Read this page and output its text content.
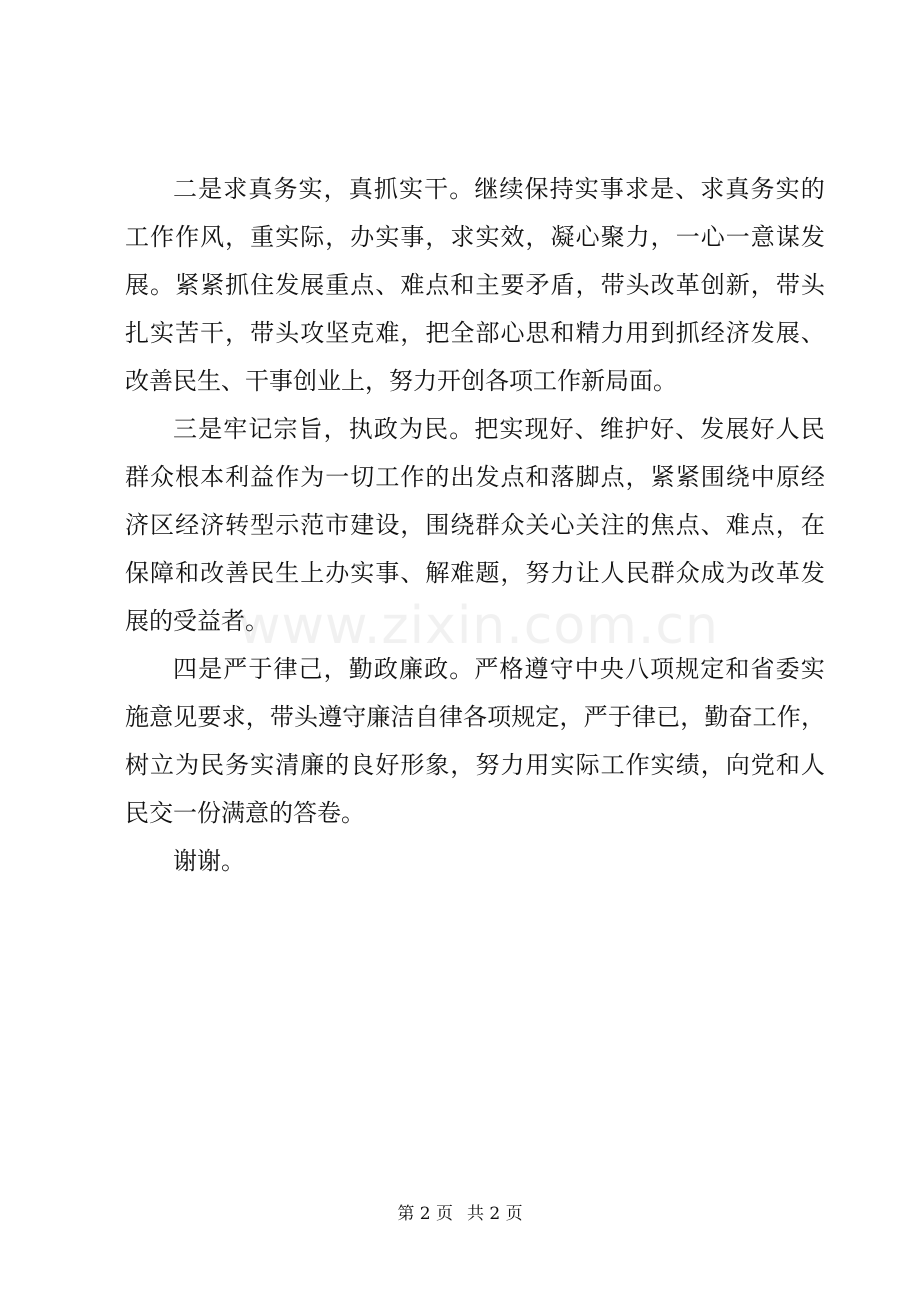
www.zixin.com.cn
二 是 求 真 务 实 ， 真 抓 实 干 。 继 续 保 持 实 事 求 是 、 求 真 务 实 的
工 作 作 风 ， 重 实 际 ， 办 实 事 ， 求 实 效 ， 凝 心 聚 力 ， 一 心 一 意 谋 发
展 。 紧 紧 抓 住 发 展 重 点 、 难 点 和 主 要 矛 盾 ， 带 头 改 革 创 新 ， 带 头
扎 实 苦 干 ， 带 头 攻 坚 克 难 ， 把 全 部 心 思 和 精 力 用 到 抓 经 济 发 展 、
改善民生、干事创业上，努力开创各项工作新局面。
三 是 牢 记 宗 旨 ， 执 政 为 民 。 把 实 现 好 、 维 护 好 、 发 展 好 人 民
群 众 根 本 利 益 作 为 一 切 工 作 的 出 发 点 和 落 脚 点 ， 紧 紧 围 绕 中 原 经
济 区 经 济 转 型 示 范 市 建 设 ， 围 绕 群 众 关 心 关 注 的 焦 点 、 难 点 ， 在
保 障 和 改 善 民 生 上 办 实 事 、 解 难 题 ， 努 力 让 人 民 群 众 成 为 改 革 发
展的受益者。
四 是 严 于 律 己 ， 勤 政 廉 政 。 严 格 遵 守 中 央 八 项 规 定 和 省 委 实
施 意 见 要 求 ， 带 头 遵 守 廉 洁 自 律 各 项 规 定 ， 严 于 律 已 ， 勤 奋 工 作 ，
树 立 为 民 务 实 清 廉 的 良 好 形 象 ， 努 力 用 实 际 工 作 实 绩 ， 向 党 和 人
民交一份满意的答卷。
谢谢。
第 2 页 共 2 页
